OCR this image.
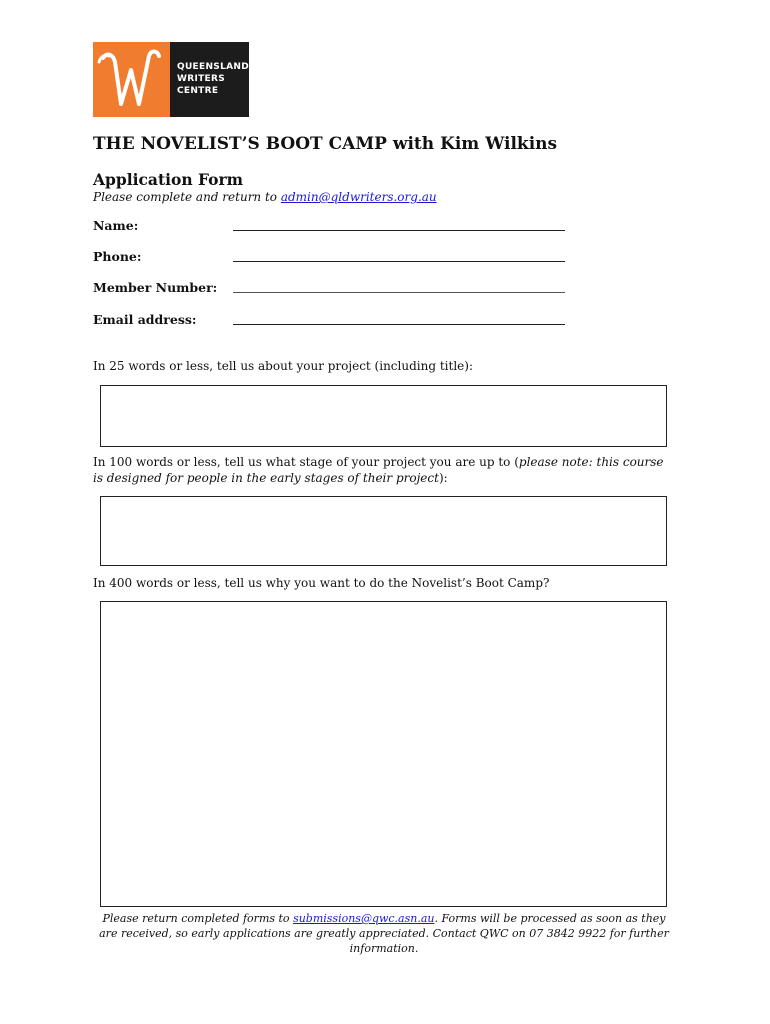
QUEENSLAND
WRITERS
CENTRE
THE NOVELIST’S BOOT CAMP with Kim Wilkins
Application Form
Please complete and return to admin@qldwriters.org.au
Name:
Phone:
Member Number:
Email address:
In 25 words or less, tell us about your project (including title):
In 100 words or less, tell us what stage of your project you are up to (please note: this course is designed for people in the early stages of their project):
In 400 words or less, tell us why you want to do the Novelist’s Boot Camp?
Please return completed forms to submissions@qwc.asn.au. Forms will be processed as soon as they are received, so early applications are greatly appreciated. Contact QWC on 07 3842 9922 for further information.
